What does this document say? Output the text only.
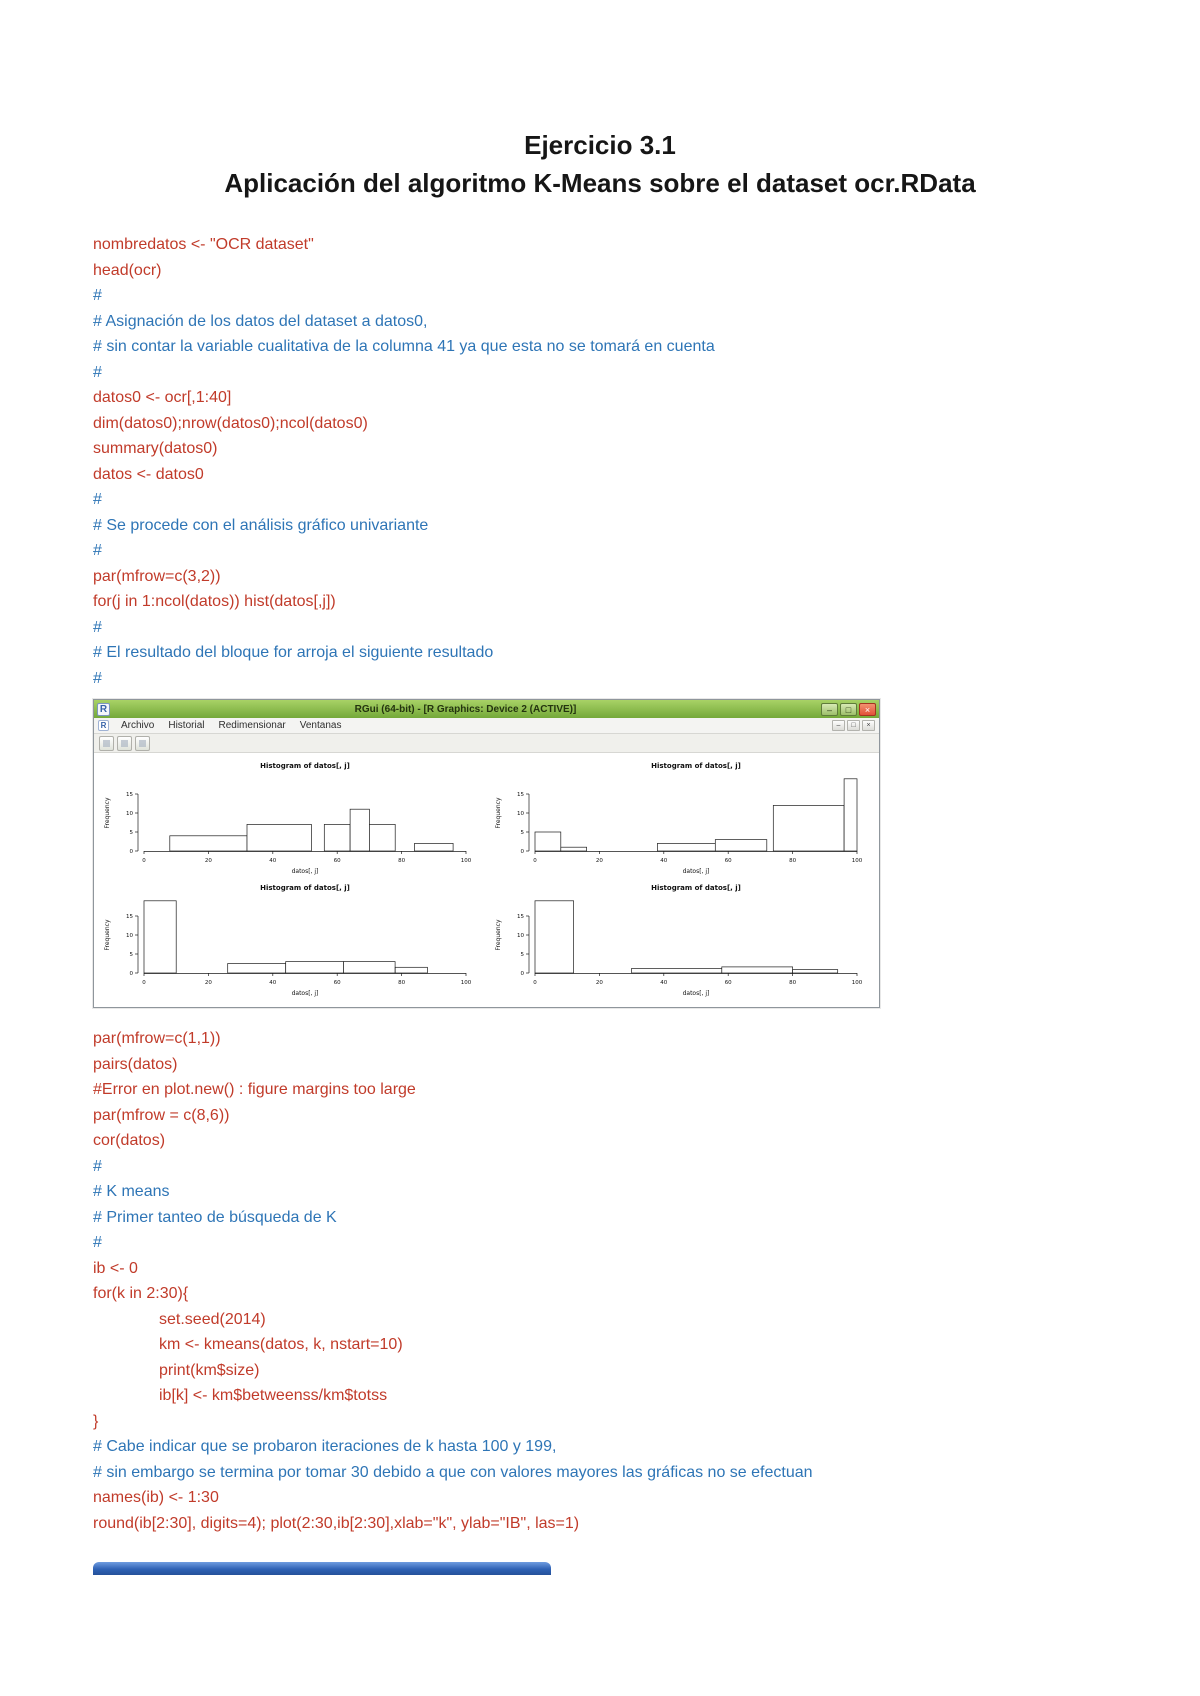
Ejercicio 3.1
Aplicación del algoritmo K-Means sobre el dataset ocr.RData
nombredatos <- "OCR dataset"
head(ocr)
#
# Asignación de los datos del dataset a datos0,
# sin contar la variable cualitativa de la columna 41 ya que esta no se tomará en cuenta
#
datos0 <- ocr[,1:40]
dim(datos0);nrow(datos0);ncol(datos0)
summary(datos0)
datos <- datos0
#
# Se procede con el análisis gráfico univariante
#
par(mfrow=c(3,2))
for(j in 1:ncol(datos)) hist(datos[,j])
#
# El resultado del bloque for arroja el siguiente resultado
#
R	RGui (64-bit) - [R Graphics: Device 2 (ACTIVE)]	–	□	×
R Archivo Historial Redimensionar Ventanas	–	□	×
Histogram of datos[, j]
0	20	40	60	80	100
0
5
10
15
datos[, j]
Frequency
Histogram of datos[, j]
0	20	40	60	80	100
0
5
10
15
datos[, j]
Frequency
Histogram of datos[, j]
0	20	40	60	80	100
0
5
10
15
datos[, j]
Frequency
Histogram of datos[, j]
0	20	40	60	80	100
0
5
10
15
datos[, j]
Frequency
par(mfrow=c(1,1))
pairs(datos)
#Error en plot.new() : figure margins too large
par(mfrow = c(8,6))
cor(datos)
#
# K means
# Primer tanteo de búsqueda de K
#
ib <- 0
for(k in 2:30){
set.seed(2014)
km <- kmeans(datos, k, nstart=10)
print(km$size)
ib[k] <- km$betweenss/km$totss
}
# Cabe indicar que se probaron iteraciones de k hasta 100 y 199,
# sin embargo se termina por tomar 30 debido a que con valores mayores las gráficas no se efectuan
names(ib) <- 1:30
round(ib[2:30], digits=4); plot(2:30,ib[2:30],xlab="k", ylab="IB", las=1)
